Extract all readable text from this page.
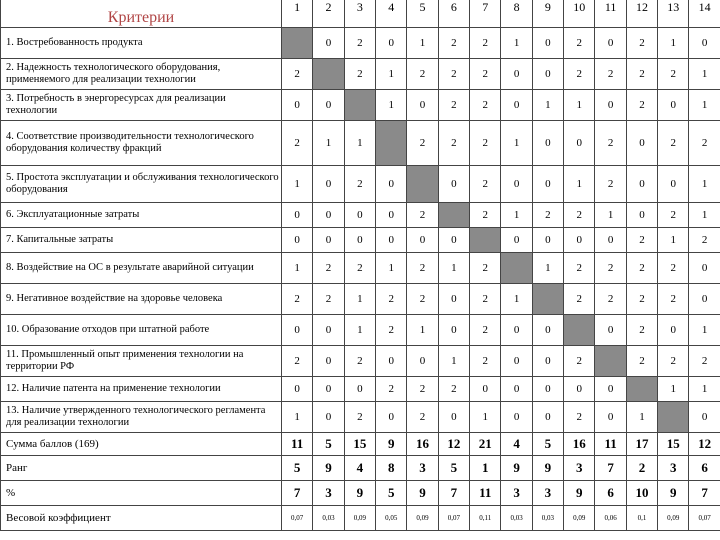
Критерии	1	2	3	4	5	6	7	8	9	10	11	12	13	14
1. Востребованность продукта		0	2	0	1	2	2	1	0	2	0	2	1	0
2. Надежность технологического оборудования, применяемого для реализации технологии	2		2	1	2	2	2	0	0	2	2	2	2	1
3. Потребность в энергоресурсах для реализации технологии	0	0		1	0	2	2	0	1	1	0	2	0	1
4. Соответствие производительности технологического оборудования количеству фракций	2	1	1		2	2	2	1	0	0	2	0	2	2
5. Простота эксплуатации и обслуживания технологического оборудования	1	0	2	0		0	2	0	0	1	2	0	0	1
6. Эксплуатационные затраты	0	0	0	0	2		2	1	2	2	1	0	2	1
7. Капитальные затраты	0	0	0	0	0	0		0	0	0	0	2	1	2
8. Воздействие на ОС в результате аварийной ситуации	1	2	2	1	2	1	2		1	2	2	2	2	0
9. Негативное воздействие на здоровье человека	2	2	1	2	2	0	2	1		2	2	2	2	0
10. Образование отходов при штатной работе	0	0	1	2	1	0	2	0	0		0	2	0	1
11. Промышленный опыт применения технологии на территории РФ	2	0	2	0	0	1	2	0	0	2		2	2	2
12. Наличие патента на применение технологии	0	0	0	2	2	2	0	0	0	0	0		1	1
13. Наличие утвержденного технологического регламента для реализации технологии	1	0	2	0	2	0	1	0	0	2	0	1		0
Сумма баллов (169)	11	5	15	9	16	12	21	4	5	16	11	17	15	12
Ранг	5	9	4	8	3	5	1	9	9	3	7	2	3	6
%	7	3	9	5	9	7	11	3	3	9	6	10	9	7
Весовой коэффициент	0,07	0,03	0,09	0,05	0,09	0,07	0,11	0,03	0,03	0,09	0,06	0,1	0,09	0,07
